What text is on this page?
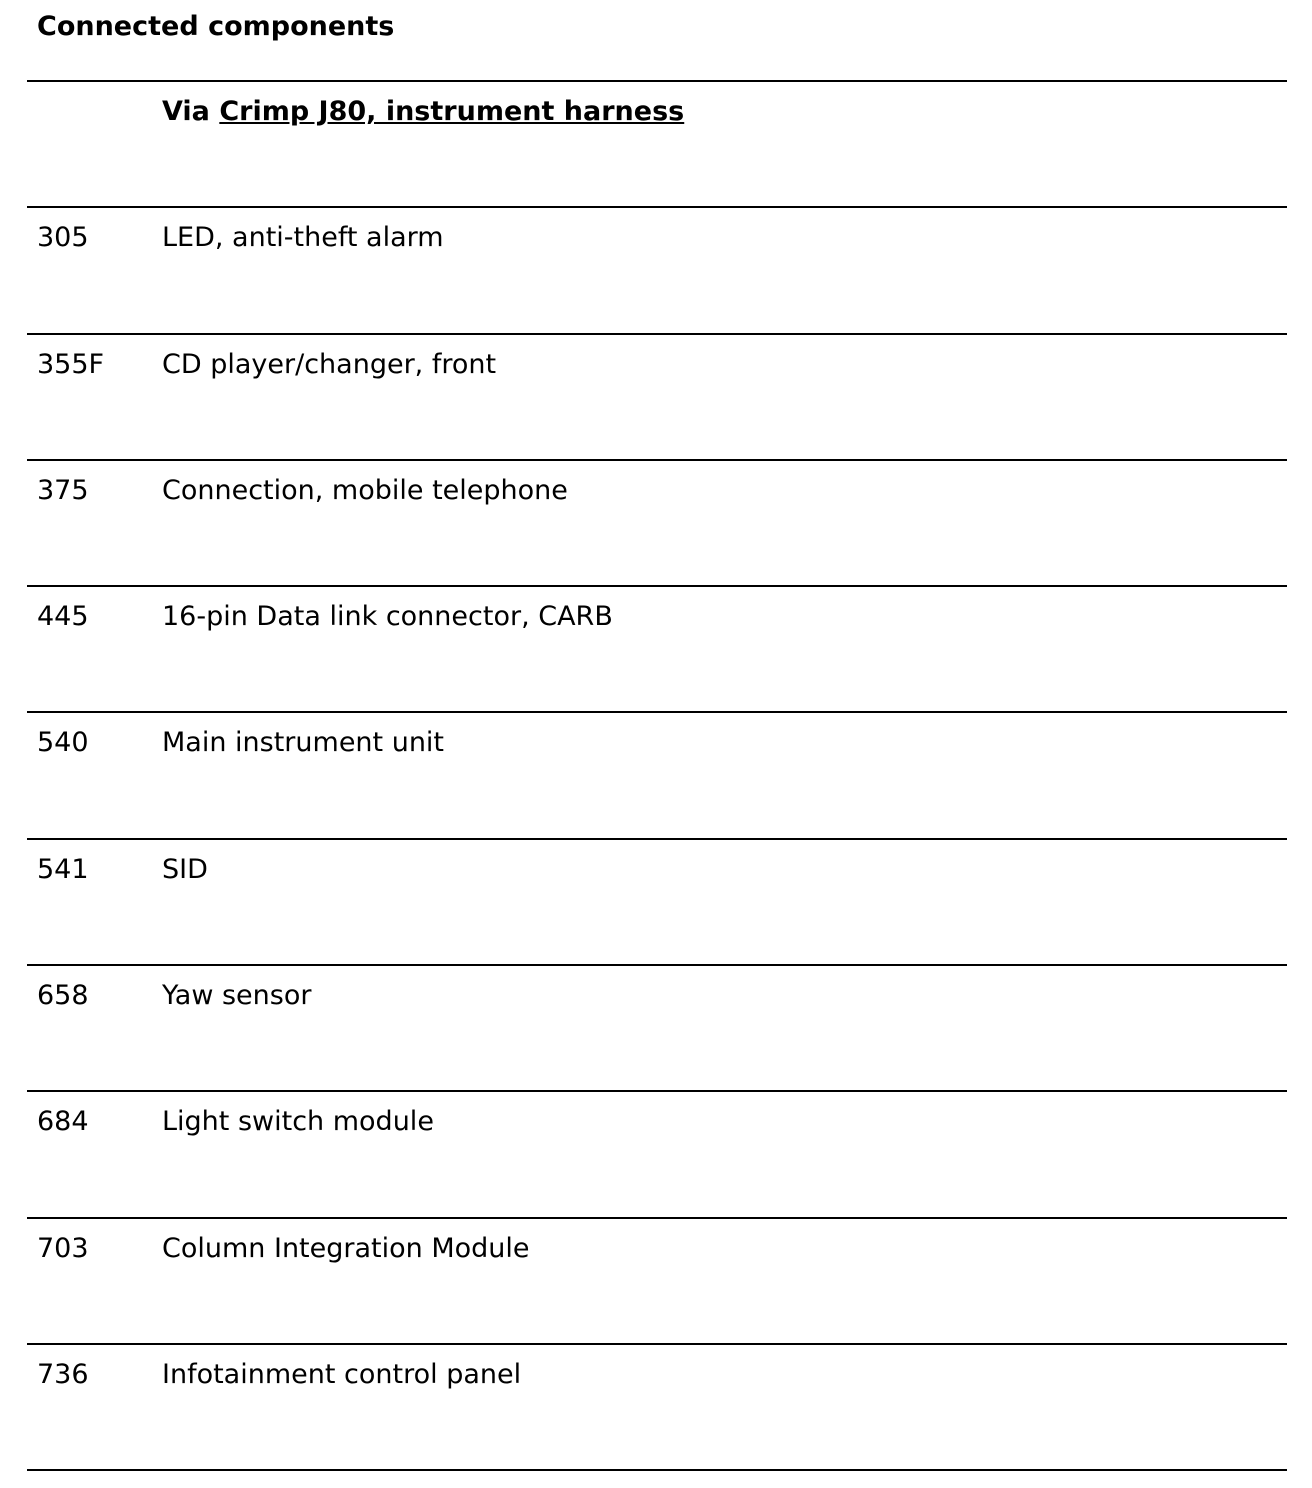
Connected components
Via Crimp J80, instrument harness
305	LED, anti-theft alarm
355F CD player/changer, front
375	Connection, mobile telephone
445	16-pin Data link connector, CARB
540	Main instrument unit
541	SID
658	Yaw sensor
684	Light switch module
703	Column Integration Module
736	Infotainment control panel
